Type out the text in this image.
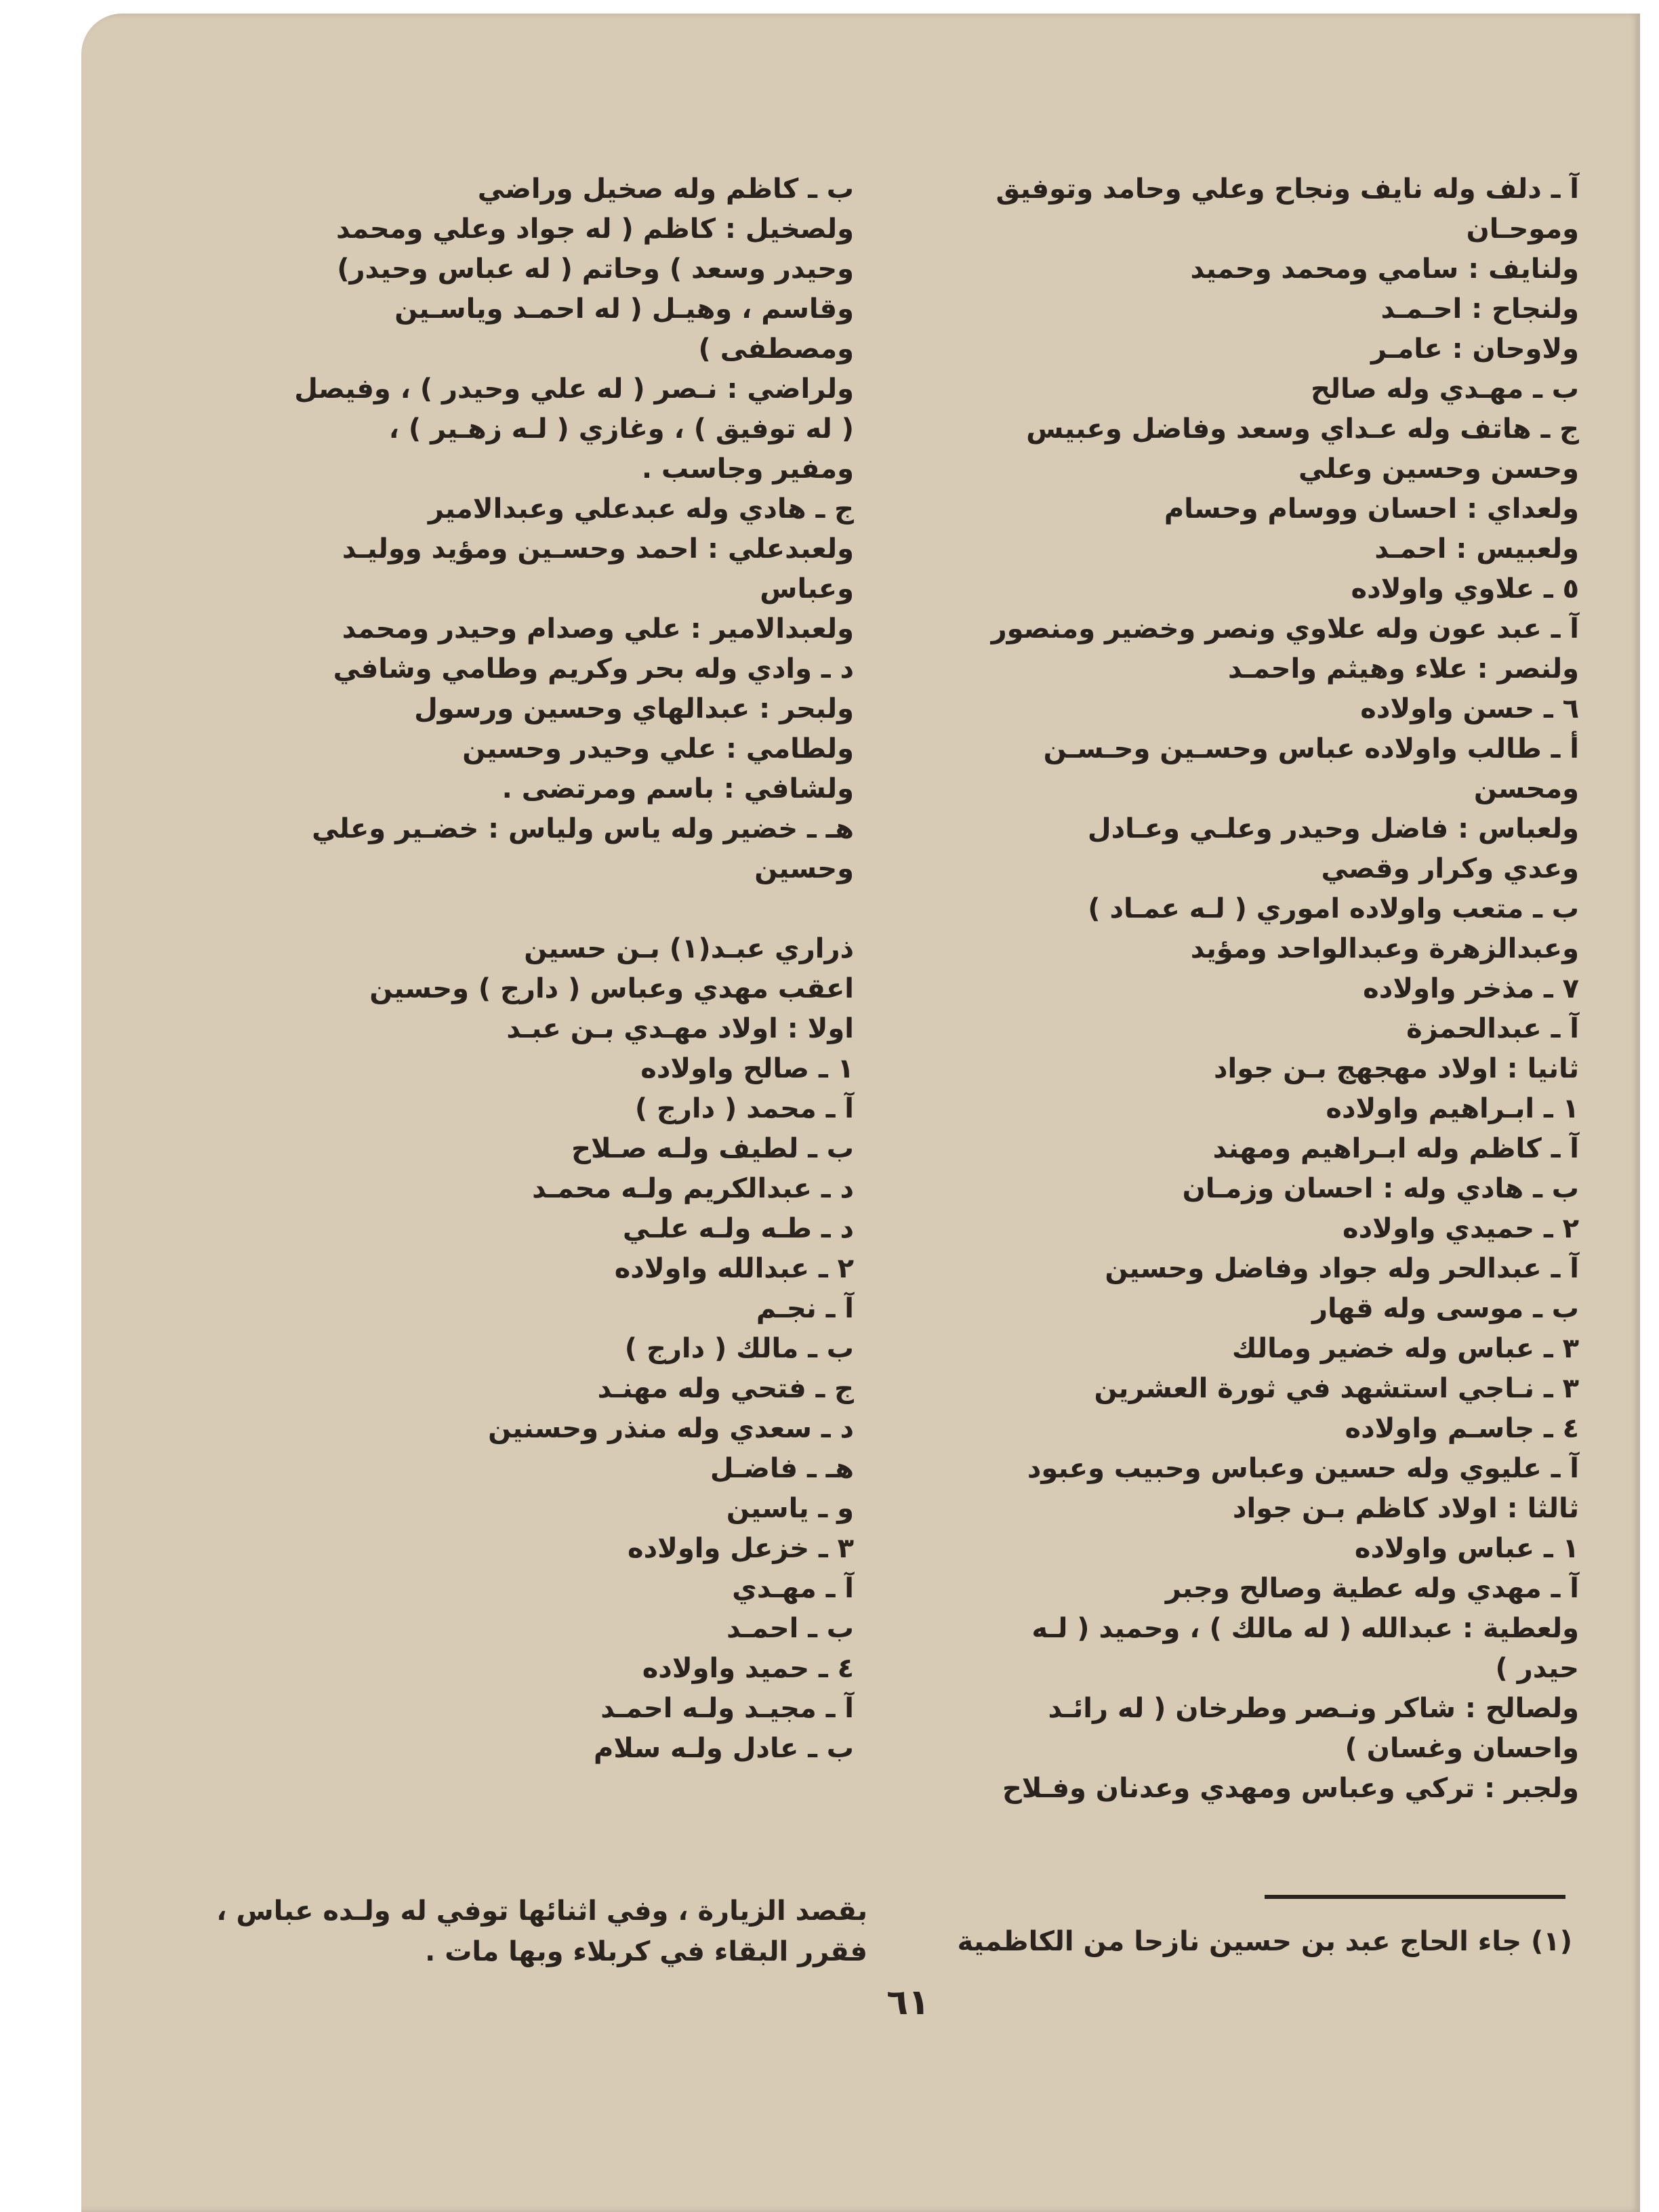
آ ـ دلف وله نايف ونجاح وعلي وحامد وتوفيق
وموحـان
ولنايف : سامي ومحمد وحميد
ولنجاح : احـمـد
ولاوحان : عامـر
ب ـ مهـدي وله صالح
ج ـ هاتف وله عـداي وسعد وفاضل وعبيس
وحسن وحسين وعلي
ولعداي : احسان ووسام وحسام
ولعبيس : احمـد
٥ ـ علاوي واولاده
آ ـ عبد عون وله علاوي ونصر وخضير ومنصور
ولنصر : علاء وهيثم واحمـد
٦ ـ حسن واولاده
أ ـ طالب واولاده عباس وحسـين وحـسـن
ومحسن
ولعباس : فاضل وحيدر وعلـي وعـادل
وعدي وكرار وقصي
ب ـ متعب واولاده اموري ( لـه عمـاد )
وعبدالزهرة وعبدالواحد ومؤيد
٧ ـ مذخر واولاده
آ ـ عبدالحمزة
ثانيا : اولاد مهجهج بـن جواد
١ ـ ابـراهيم واولاده
آ ـ كاظم وله ابـراهيم ومهند
ب ـ هادي وله : احسان وزمـان
٢ ـ حميدي واولاده
آ ـ عبدالحر وله جواد وفاضل وحسين
ب ـ موسى وله قهار
٣ ـ عباس وله خضير ومالك
٣ ـ نـاجي استشهد في ثورة العشرين
٤ ـ جاسـم واولاده
آ ـ عليوي وله حسين وعباس وحبيب وعبود
ثالثا : اولاد كاظم بـن جواد
١ ـ عباس واولاده
آ ـ مهدي وله عطية وصالح وجبر
ولعطية : عبدالله ( له مالك ) ، وحميد ( لـه
حيدر )
ولصالح : شاكر ونـصر وطرخان ( له رائـد
واحسان وغسان )
ولجبر : تركي وعباس ومهدي وعدنان وفـلاح
ب ـ كاظم وله صخيل وراضي
ولصخيل : كاظم ( له جواد وعلي ومحمد
وحيدر وسعد ) وحاتم ( له عباس وحيدر)
وقاسم ، وهيـل ( له احمـد وياسـين
ومصطفى )
ولراضي : نـصر ( له علي وحيدر ) ، وفيصل
( له توفيق ) ، وغازي ( لـه زهـير ) ،
ومفير وجاسب .
ج ـ هادي وله عبدعلي وعبدالامير
ولعبدعلي : احمد وحسـين ومؤيد ووليـد
وعباس
ولعبدالامير : علي وصدام وحيدر ومحمد
د ـ وادي وله بحر وكريم وطامي وشافي
ولبحر : عبدالهاي وحسين ورسول
ولطامي : علي وحيدر وحسين
ولشافي : باسم ومرتضى .
هـ ـ خضير وله ياس ولياس : خضـير وعلي
وحسين
ذراري عبـد(١) بـن حسين
اعقب مهدي وعباس ( دارج ) وحسين
اولا : اولاد مهـدي بـن عبـد
١ ـ صالح واولاده
آ ـ محمد ( دارج )
ب ـ لطيف ولـه صـلاح
د ـ عبدالكريم ولـه محمـد
د ـ طـه ولـه علـي
٢ ـ عبدالله واولاده
آ ـ نجـم
ب ـ مالك ( دارج )
ج ـ فتحي وله مهنـد
د ـ سعدي وله منذر وحسنين
هـ ـ فاضـل
و ـ ياسين
٣ ـ خزعل واولاده
آ ـ مهـدي
ب ـ احمـد
٤ ـ حميد واولاده
آ ـ مجيـد ولـه احمـد
ب ـ عادل ولـه سلام
(١) جاء الحاج عبد بن حسين نازحا من الكاظمية
بقصد الزيارة ، وفي اثنائها توفي له ولـده عباس ،
فقرر البقاء في كربلاء وبها مات .
٦١
